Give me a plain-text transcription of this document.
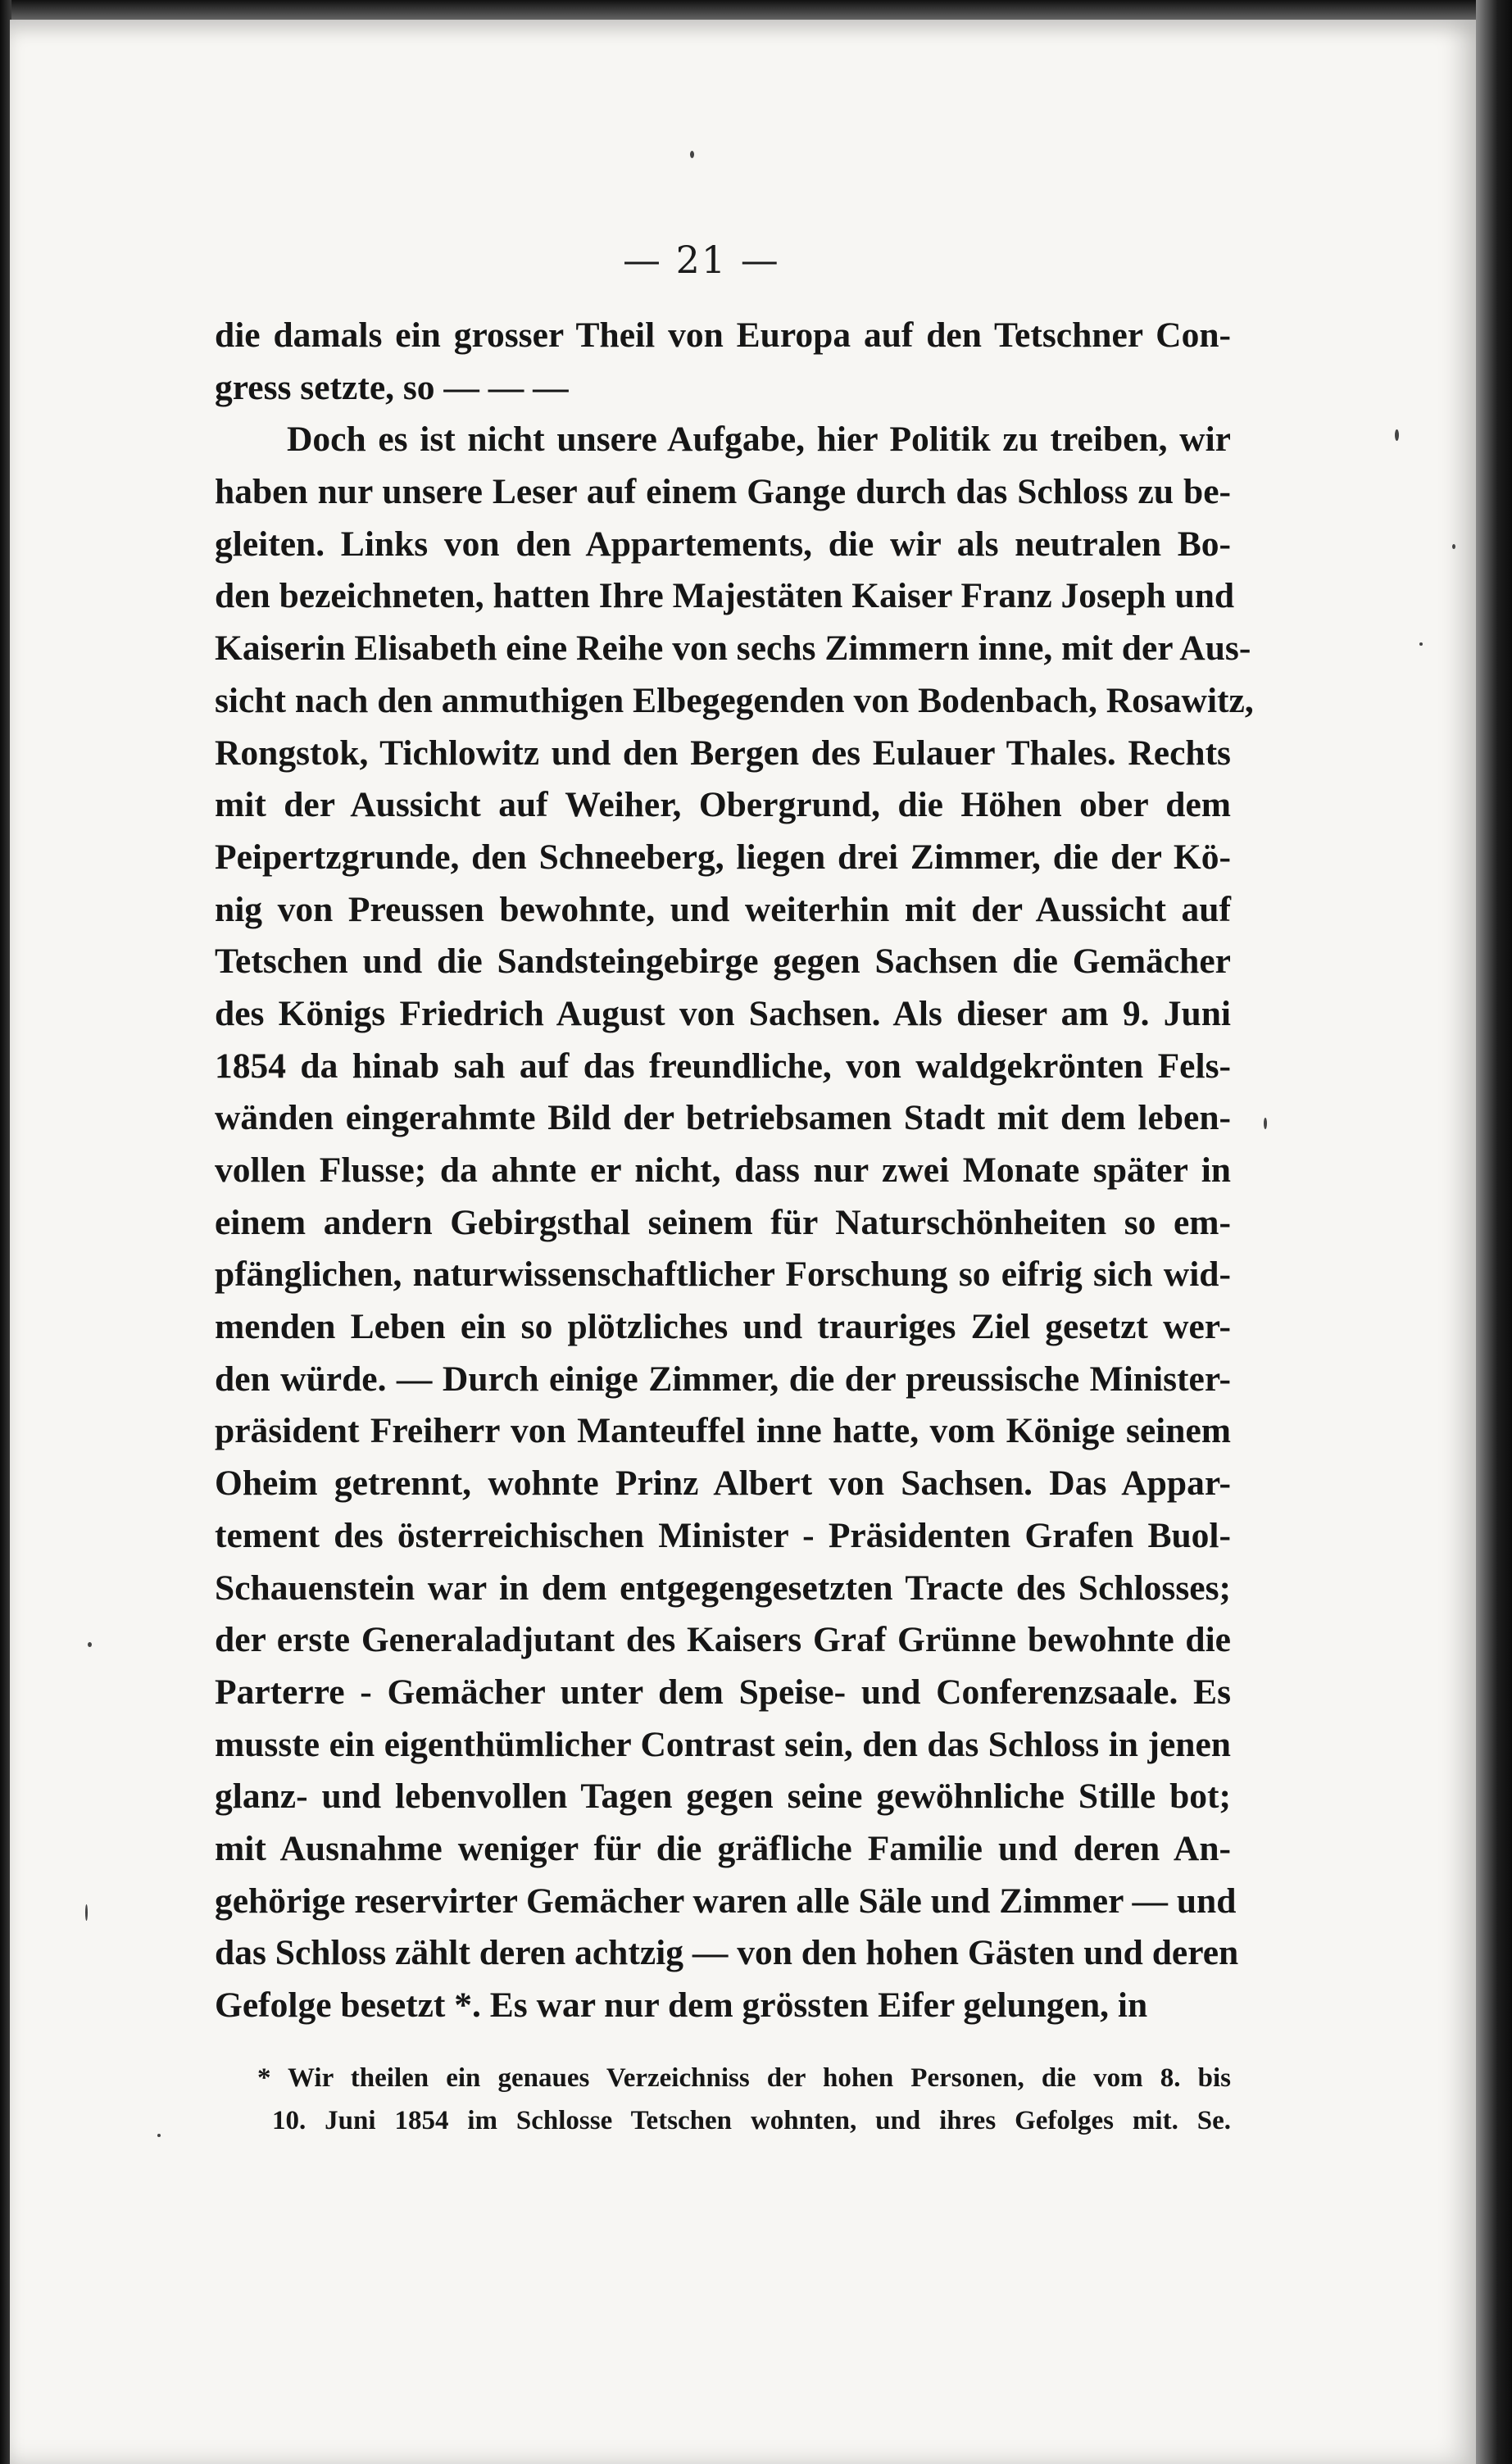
— 21 —
die damals ein grosser Theil von Europa auf den Tetschner Con-
gress setzte, so — — —
Doch es ist nicht unsere Aufgabe, hier Politik zu treiben, wir
haben nur unsere Leser auf einem Gange durch das Schloss zu be-
gleiten. Links von den Appartements, die wir als neutralen Bo-
den bezeichneten, hatten Ihre Majestäten Kaiser Franz Joseph und
Kaiserin Elisabeth eine Reihe von sechs Zimmern inne, mit der Aus-
sicht nach den anmuthigen Elbegegenden von Bodenbach, Rosawitz,
Rongstok, Tichlowitz und den Bergen des Eulauer Thales. Rechts
mit der Aussicht auf Weiher, Obergrund, die Höhen ober dem
Peipertzgrunde, den Schneeberg, liegen drei Zimmer, die der Kö-
nig von Preussen bewohnte, und weiterhin mit der Aussicht auf
Tetschen und die Sandsteingebirge gegen Sachsen die Gemächer
des Königs Friedrich August von Sachsen. Als dieser am 9. Juni
1854 da hinab sah auf das freundliche, von waldgekrönten Fels-
wänden eingerahmte Bild der betriebsamen Stadt mit dem leben-
vollen Flusse; da ahnte er nicht, dass nur zwei Monate später in
einem andern Gebirgsthal seinem für Naturschönheiten so em-
pfänglichen, naturwissenschaftlicher Forschung so eifrig sich wid-
menden Leben ein so plötzliches und trauriges Ziel gesetzt wer-
den würde. — Durch einige Zimmer, die der preussische Minister-
präsident Freiherr von Manteuffel inne hatte, vom Könige seinem
Oheim getrennt, wohnte Prinz Albert von Sachsen. Das Appar-
tement des österreichischen Minister - Präsidenten Grafen Buol-
Schauenstein war in dem entgegengesetzten Tracte des Schlosses;
der erste Generaladjutant des Kaisers Graf Grünne bewohnte die
Parterre - Gemächer unter dem Speise- und Conferenzsaale. Es
musste ein eigenthümlicher Contrast sein, den das Schloss in jenen
glanz- und lebenvollen Tagen gegen seine gewöhnliche Stille bot;
mit Ausnahme weniger für die gräfliche Familie und deren An-
gehörige reservirter Gemächer waren alle Säle und Zimmer — und
das Schloss zählt deren achtzig — von den hohen Gästen und deren
Gefolge besetzt *. Es war nur dem grössten Eifer gelungen, in
* Wir theilen ein genaues Verzeichniss der hohen Personen, die vom 8. bis
10. Juni 1854 im Schlosse Tetschen wohnten, und ihres Gefolges mit. Se.
